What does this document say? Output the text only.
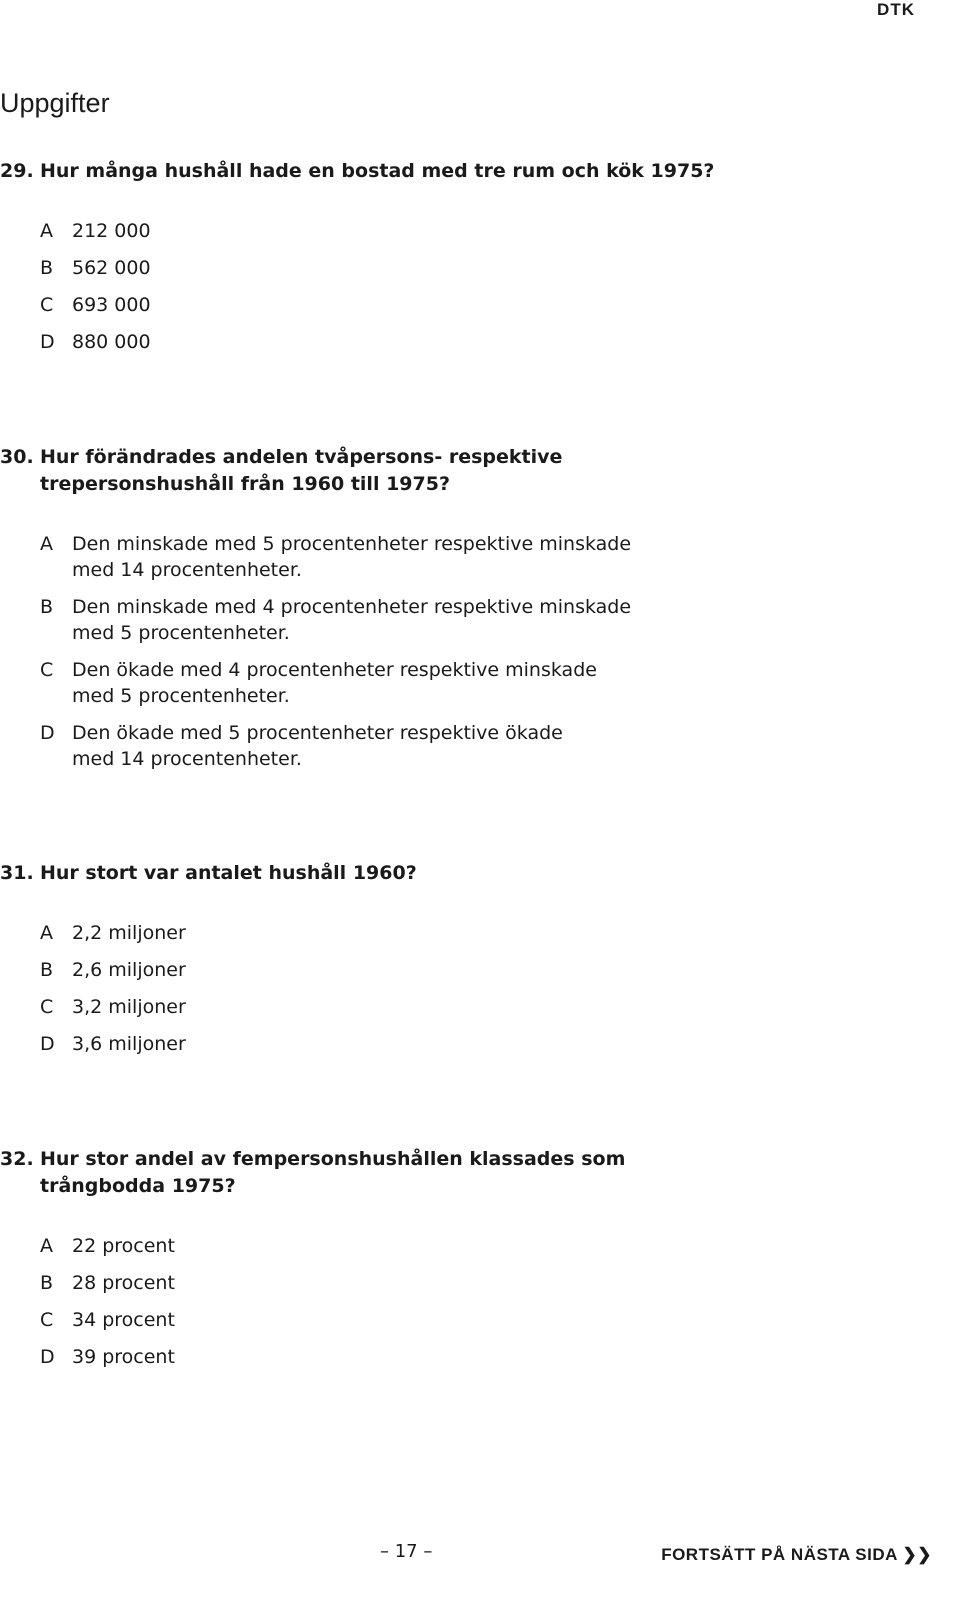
DTK
Uppgifter

29. Hur många hushåll hade en bostad med tre rum och kök 1975?

A	212 000
B 562 000
C 693 000
D 880 000

30. Hur förändrades andelen tvåpersons- respektive trepersonshushåll från 1960 till 1975?

A	Den minskade med 5 procentenheter respektive minskade med 14 procentenheter.
B Den minskade med 4 procentenheter respektive minskade med 5 procentenheter.
C Den ökade med 4 procentenheter respektive minskade med 5 procentenheter.
D Den ökade med 5 procentenheter respektive ökade med 14 procentenheter.

31. Hur stort var antalet hushåll 1960?

A	2,2 miljoner
B 2,6 miljoner
C 3,2 miljoner
D 3,6 miljoner

32. Hur stor andel av fempersonshushållen klassades som trångbodda 1975?

A	22 procent
B 28 procent
C 34 procent
D 39 procent
– 17 –	FORTSÄTT PÅ NÄSTA SIDA ❯❯
